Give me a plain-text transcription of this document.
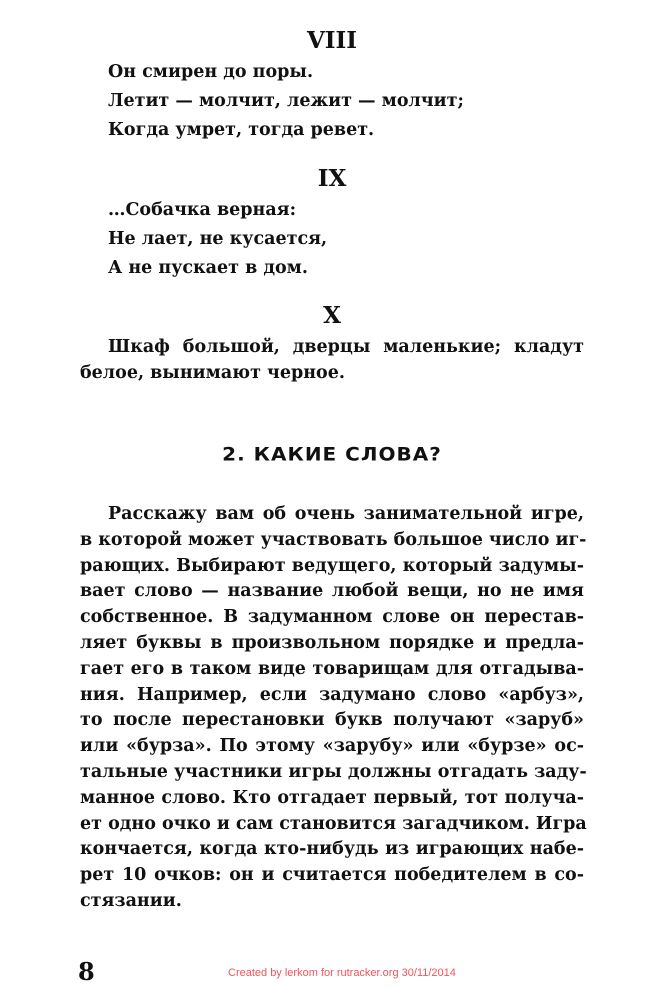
VIII
Он смирен до поры.
Летит — молчит, лежит — молчит;
Когда умрет, тогда ревет.
IX
…Собачка верная:
Не лает, не кусается,
А не пускает в дом.
X
Шкаф большой, дверцы маленькие; кладут
белое, вынимают черное.
2. КАКИЕ СЛОВА?
Расскажу вам об очень занимательной игре,
в которой может участвовать большое число иг-
рающих. Выбирают ведущего, который задумы-
вает слово — название любой вещи, но не имя
собственное. В задуманном слове он перестав-
ляет буквы в произвольном порядке и предла-
гает его в таком виде товарищам для отгадыва-
ния. Например, если задумано слово «арбуз»,
то после перестановки букв получают «заруб»
или «бурза». По этому «зарубу» или «бурзе» ос-
тальные участники игры должны отгадать заду-
манное слово. Кто отгадает первый, тот получа-
ет одно очко и сам становится загадчиком. Игра
кончается, когда кто-нибудь из играющих набе-
рет 10 очков: он и считается победителем в со-
стязании.
8	Created by lerkom for rutracker.org 30/11/2014
